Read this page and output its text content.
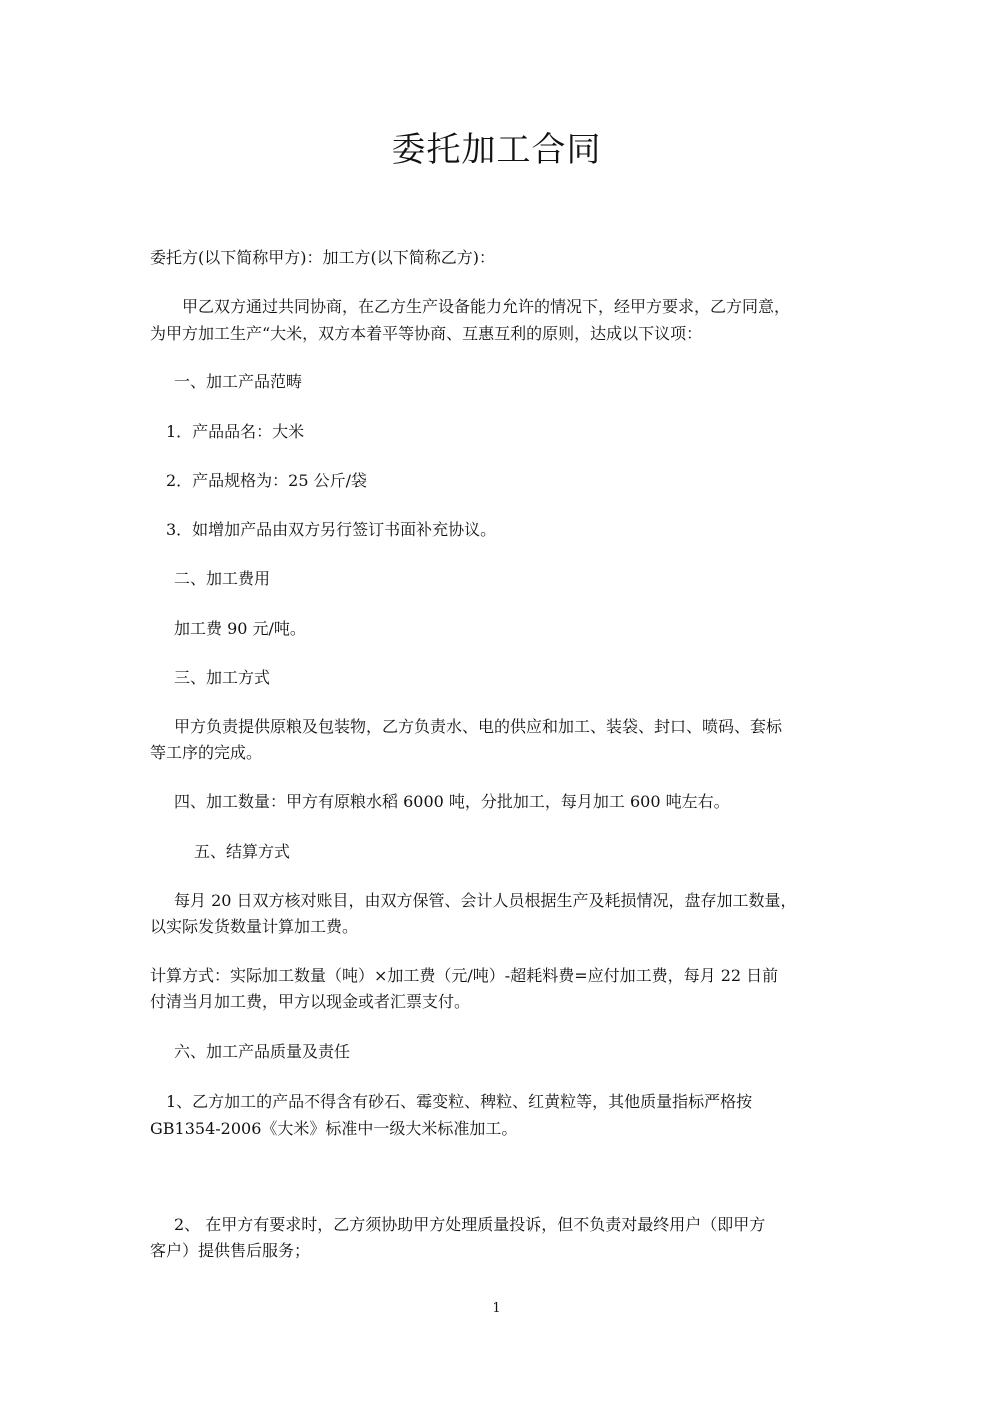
委托加工合同

委托方(以下简称甲方)：加工方(以下简称乙方)：

甲乙双方通过共同协商，在乙方生产设备能力允许的情况下，经甲方要求，乙方同意，

为甲方加工生产“大米，双方本着平等协商、互惠互利的原则，达成以下议项：

一、加工产品范畴

1．产品品名：大米

2．产品规格为：25 公斤/袋

3．如增加产品由双方另行签订书面补充协议。

二、加工费用

加工费 90 元/吨。

三、加工方式

甲方负责提供原粮及包装物，乙方负责水、电的供应和加工、装袋、封口、喷码、套标

等工序的完成。

四、加工数量：甲方有原粮水稻 6000 吨，分批加工，每月加工 600 吨左右。

五、结算方式

每月 20 日双方核对账目，由双方保管、会计人员根据生产及耗损情况，盘存加工数量，

以实际发货数量计算加工费。

计算方式：实际加工数量（吨）×加工费（元/吨）-超耗料费=应付加工费，每月 22 日前

付清当月加工费，甲方以现金或者汇票支付。

六、加工产品质量及责任

1、乙方加工的产品不得含有砂石、霉变粒、稗粒、红黄粒等，其他质量指标严格按

GB1354-2006《大米》标准中一级大米标准加工。

2、 在甲方有要求时，乙方须协助甲方处理质量投诉，但不负责对最终用户（即甲方

客户）提供售后服务；

1
